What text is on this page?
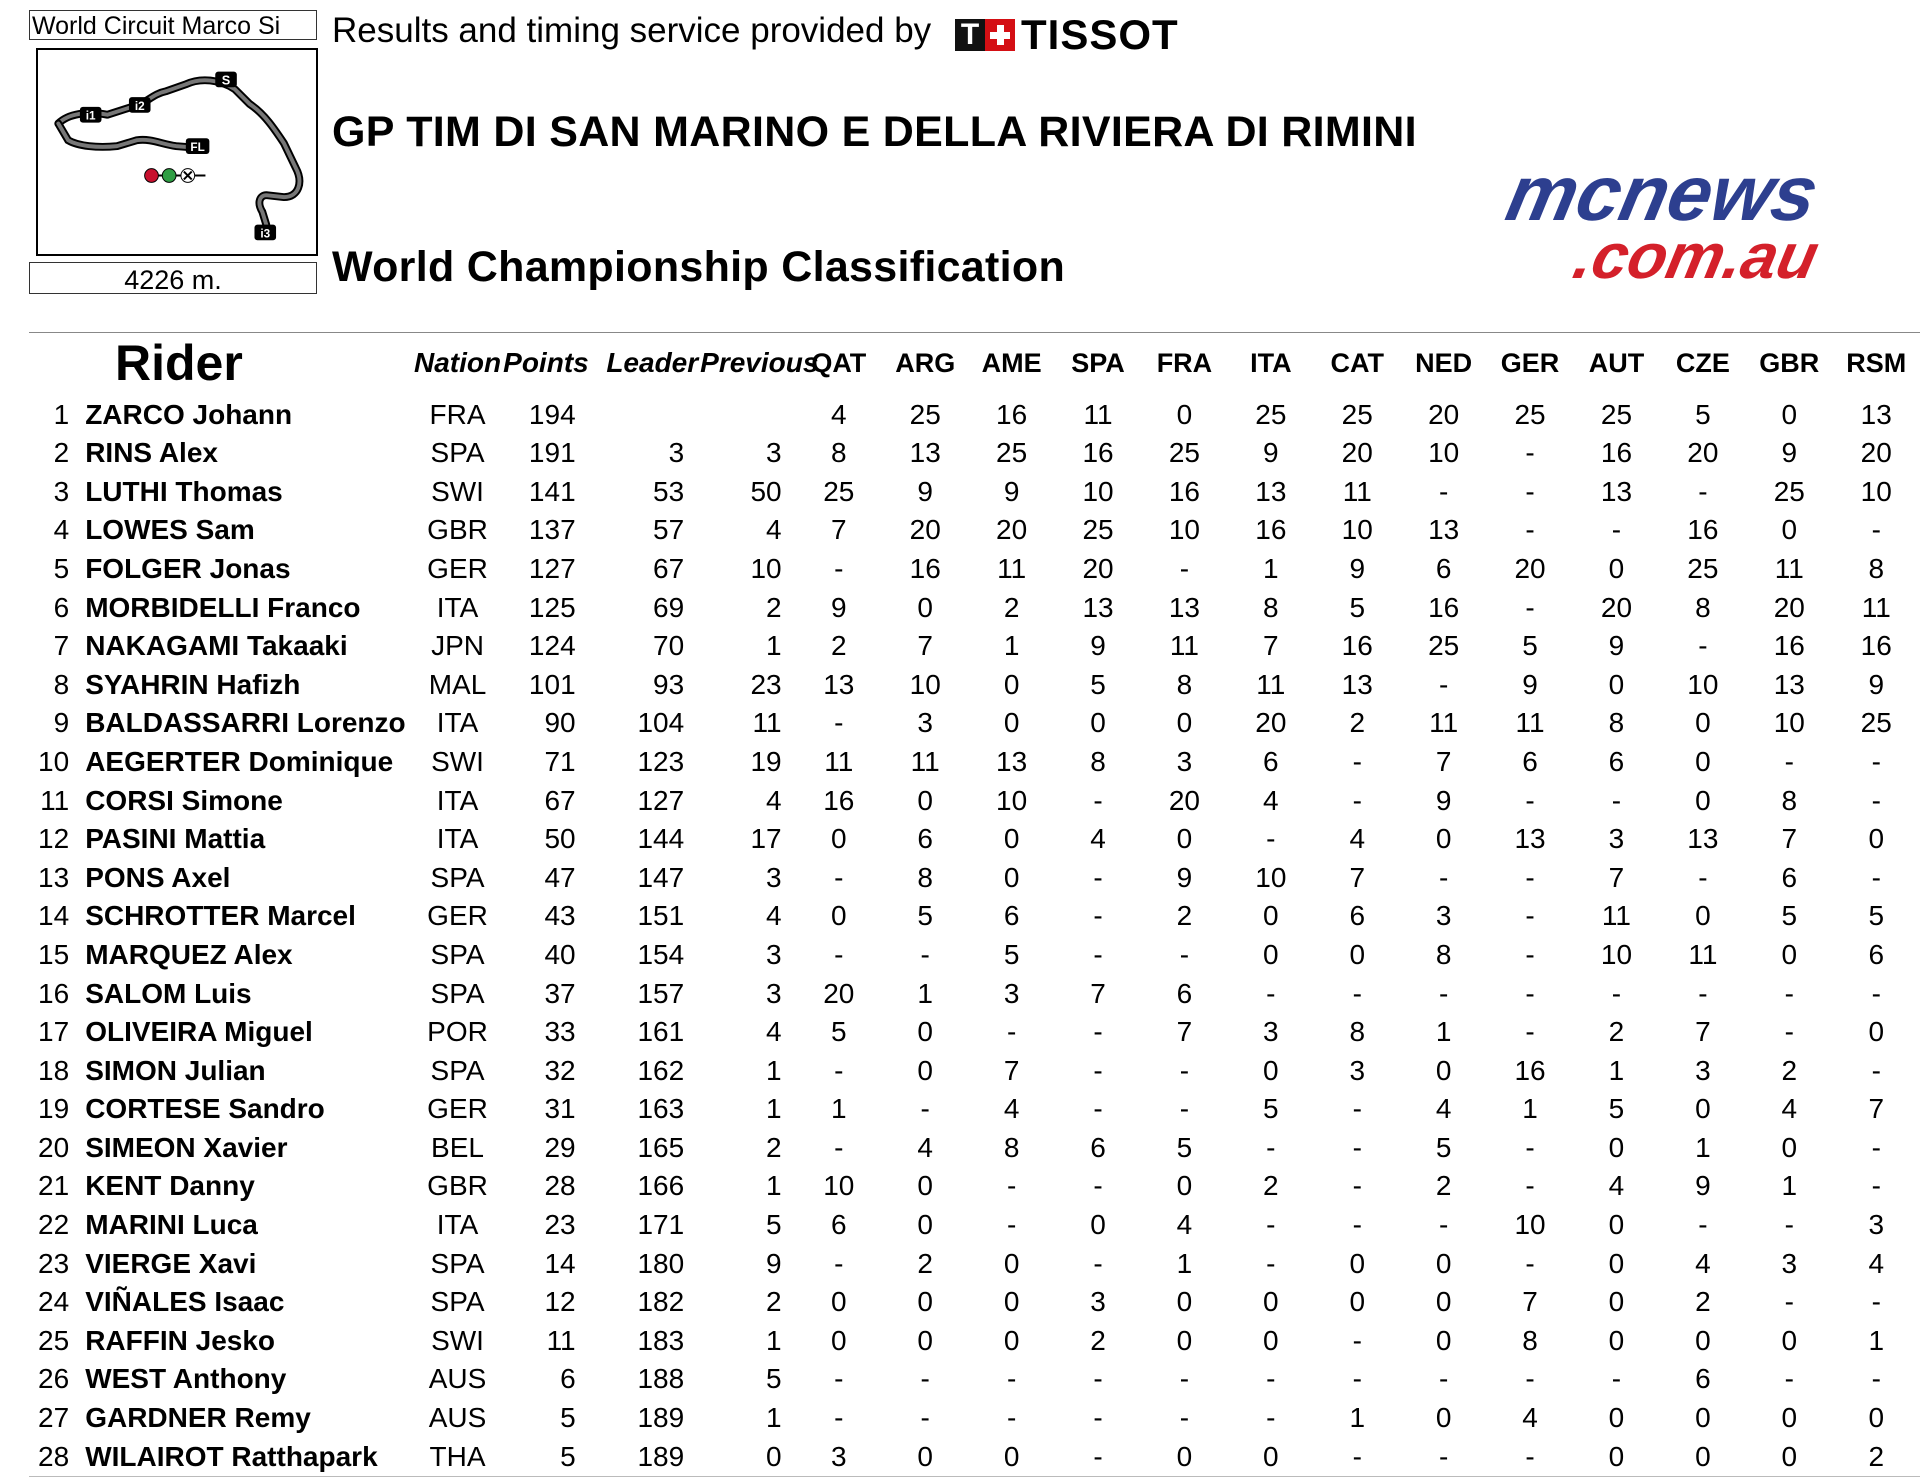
World Circuit Marco Si	Results and timing service provided by T TISSOT
S
i1
i2
FL
i3
4226 m.
GP TIM DI SAN MARINO E DELLA RIVIERA DI RIMINI
World Championship Classification
mcnews
.com.au
Rider		Nation	Points	Leader	Previous	QAT	ARG	AME	SPA	FRA	ITA	CAT	NED	GER	AUT	CZE	GBR	RSM
1	ZARCO Johann	FRA	194			4	25	16	11	0	25	25	20	25	25	5	0	13
2	RINS Alex	SPA	191	3	3	8	13	25	16	25	9	20	10	-	16	20	9	20
3	LUTHI Thomas	SWI	141	53	50	25	9	9	10	16	13	11	-	-	13	-	25	10
4	LOWES Sam	GBR	137	57	4	7	20	20	25	10	16	10	13	-	-	16	0	-
5	FOLGER Jonas	GER	127	67	10	-	16	11	20	-	1	9	6	20	0	25	11	8
6	MORBIDELLI Franco	ITA	125	69	2	9	0	2	13	13	8	5	16	-	20	8	20	11
7	NAKAGAMI Takaaki	JPN	124	70	1	2	7	1	9	11	7	16	25	5	9	-	16	16
8	SYAHRIN Hafizh	MAL	101	93	23	13	10	0	5	8	11	13	-	9	0	10	13	9
9	BALDASSARRI Lorenzo	ITA	90	104	11	-	3	0	0	0	20	2	11	11	8	0	10	25
10	AEGERTER Dominique	SWI	71	123	19	11	11	13	8	3	6	-	7	6	6	0	-	-
11	CORSI Simone	ITA	67	127	4	16	0	10	-	20	4	-	9	-	-	0	8	-
12	PASINI Mattia	ITA	50	144	17	0	6	0	4	0	-	4	0	13	3	13	7	0
13	PONS Axel	SPA	47	147	3	-	8	0	-	9	10	7	-	-	7	-	6	-
14	SCHROTTER Marcel	GER	43	151	4	0	5	6	-	2	0	6	3	-	11	0	5	5
15	MARQUEZ Alex	SPA	40	154	3	-	-	5	-	-	0	0	8	-	10	11	0	6
16	SALOM Luis	SPA	37	157	3	20	1	3	7	6	-	-	-	-	-	-	-	-
17	OLIVEIRA Miguel	POR	33	161	4	5	0	-	-	7	3	8	1	-	2	7	-	0
18	SIMON Julian	SPA	32	162	1	-	0	7	-	-	0	3	0	16	1	3	2	-
19	CORTESE Sandro	GER	31	163	1	1	-	4	-	-	5	-	4	1	5	0	4	7
20	SIMEON Xavier	BEL	29	165	2	-	4	8	6	5	-	-	5	-	0	1	0	-
21	KENT Danny	GBR	28	166	1	10	0	-	-	0	2	-	2	-	4	9	1	-
22	MARINI Luca	ITA	23	171	5	6	0	-	0	4	-	-	-	10	0	-	-	3
23	VIERGE Xavi	SPA	14	180	9	-	2	0	-	1	-	0	0	-	0	4	3	4
24	VIÑALES Isaac	SPA	12	182	2	0	0	0	3	0	0	0	0	7	0	2	-	-
25	RAFFIN Jesko	SWI	11	183	1	0	0	0	2	0	0	-	0	8	0	0	0	1
26	WEST Anthony	AUS	6	188	5	-	-	-	-	-	-	-	-	-	-	6	-	-
27	GARDNER Remy	AUS	5	189	1	-	-	-	-	-	-	1	0	4	0	0	0	0
28	WILAIROT Ratthapark	THA	5	189	0	3	0	0	-	0	0	-	-	-	0	0	0	2
